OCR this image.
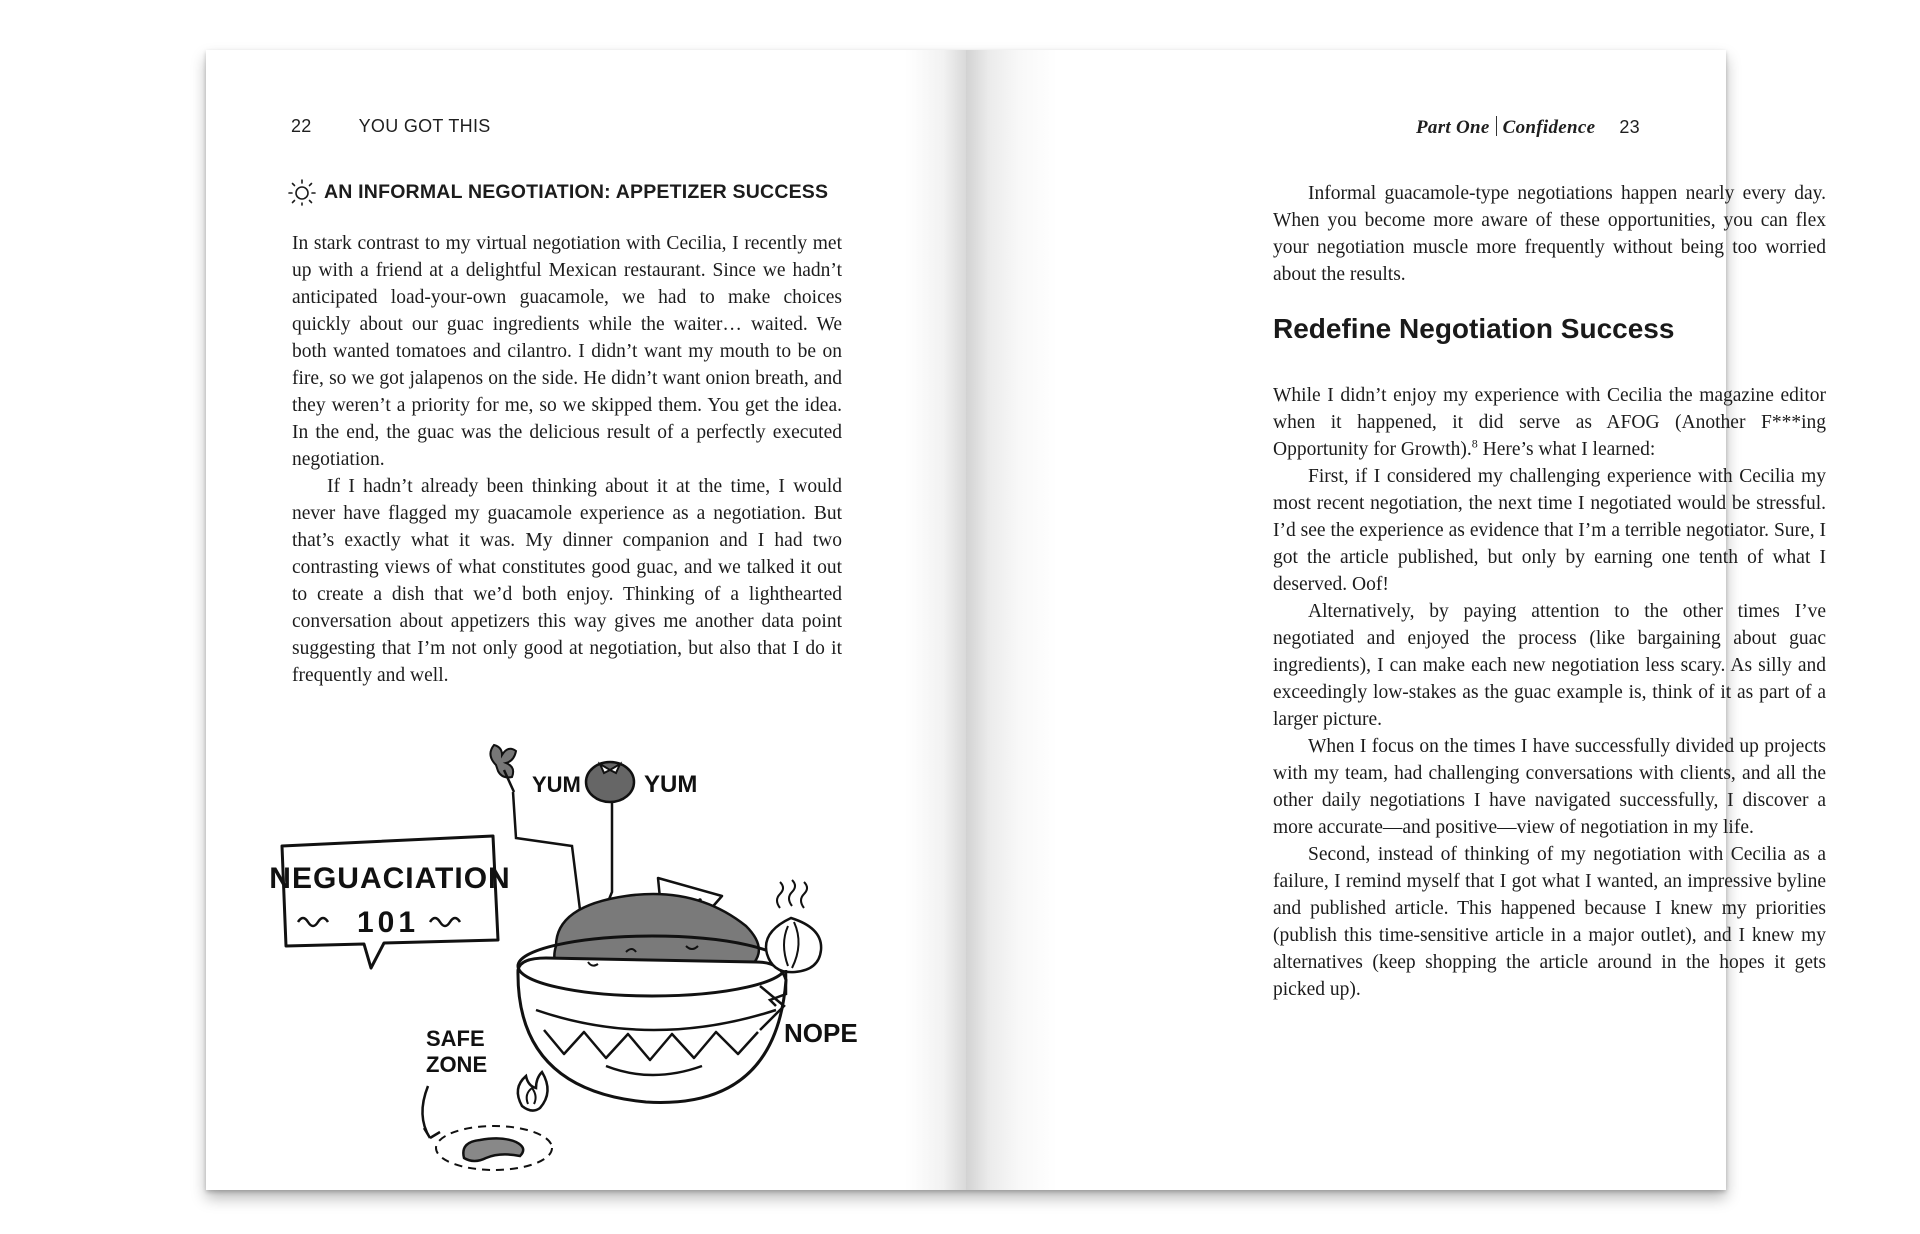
22	YOU GOT THIS
AN INFORMAL NEGOTIATION: APPETIZER SUCCESS

In stark contrast to my virtual negotiation with Cecilia, I recently met up with a friend at a delightful Mexican restaurant. Since we hadn’t anticipated load-your-own guacamole, we had to make choices quickly about our guac ingredients while the waiter… waited. We both wanted tomatoes and cilantro. I didn’t want my mouth to be on fire, so we got jalapenos on the side. He didn’t want onion breath, and they weren’t a priority for me, so we skipped them. You get the idea. In the end, the guac was the delicious result of a perfectly executed negotiation.

If I hadn’t already been thinking about it at the time, I would never have flagged my guacamole experience as a negotiation. But that’s exactly what it was. My dinner companion and I had two contrasting views of what constitutes good guac, and we talked it out to create a dish that we’d both enjoy. Thinking of a lighthearted conversation about appetizers this way gives me another data point suggesting that I’m not only good at negotiation, but also that I do it frequently and well.

NEGUACIATION
101
YUM	YUM
NOPE
SAFE
ZONE
Part One Confidence 23

Informal guacamole-type negotiations happen nearly every day. When you become more aware of these opportunities, you can flex your negotiation muscle more frequently without being too worried about the results.

Redefine Negotiation Success

While I didn’t enjoy my experience with Cecilia the magazine editor when it happened, it did serve as AFOG (Another F***ing Opportunity for Growth).$^8$ Here’s what I learned:

First, if I considered my challenging experience with Cecilia my most recent negotiation, the next time I negotiated would be stressful. I’d see the experience as evidence that I’m a terrible negotiator. Sure, I got the article published, but only by earning one tenth of what I deserved. Oof!

Alternatively, by paying attention to the other times I’ve negotiated and enjoyed the process (like bargaining about guac ingredients), I can make each new negotiation less scary. As silly and exceedingly low-stakes as the guac example is, think of it as part of a larger picture.

When I focus on the times I have successfully divided up projects with my team, had challenging conversations with clients, and all the other daily negotiations I have navigated successfully, I discover a more accurate—and positive—view of negotiation in my life.

Second, instead of thinking of my negotiation with Cecilia as a failure, I remind myself that I got what I wanted, an impressive byline and published article. This happened because I knew my priorities (publish this time-sensitive article in a major outlet), and I knew my alternatives (keep shopping the article around in the hopes it gets picked up).
